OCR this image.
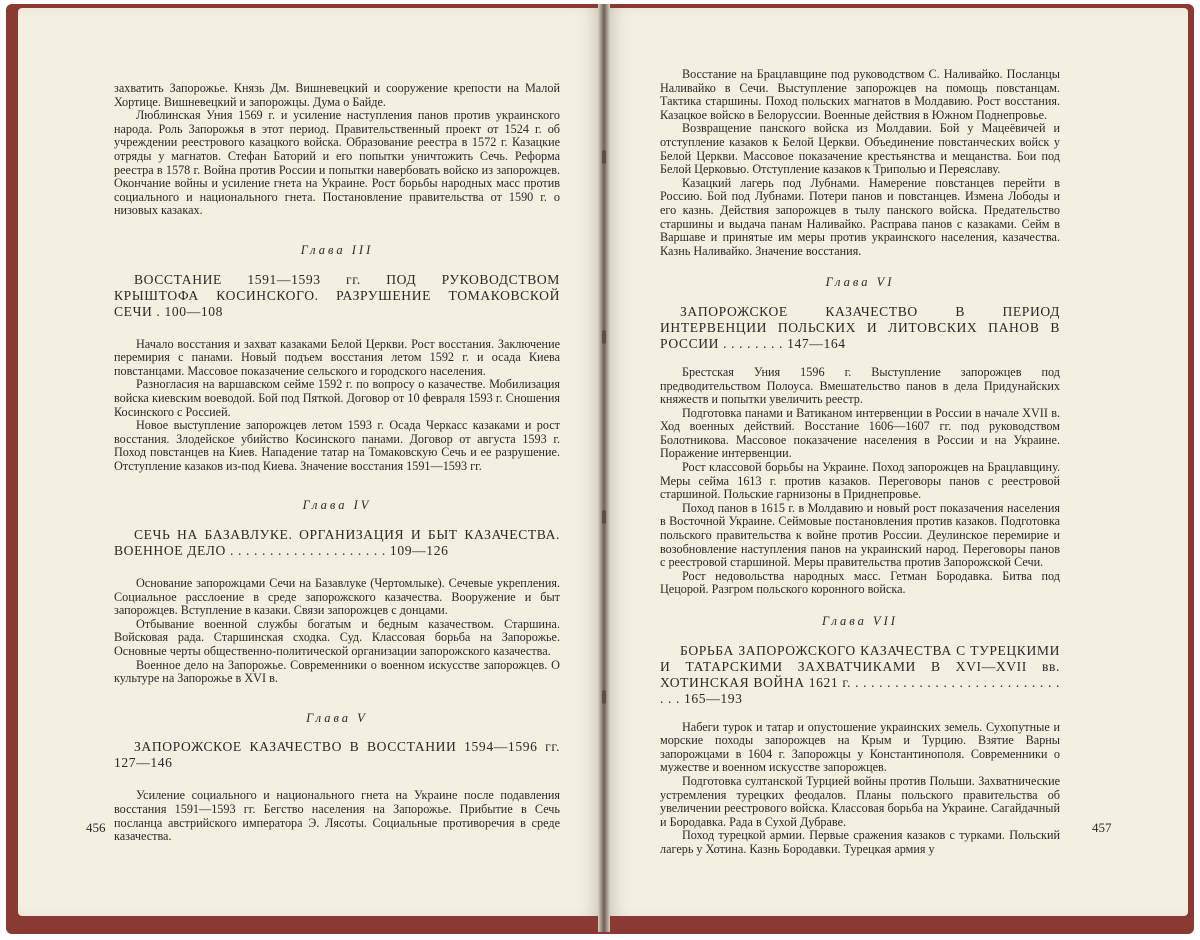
захватить Запорожье. Князь Дм. Вишневецкий и сооружение крепости на Малой Хортице. Вишневецкий и запорожцы. Дума о Байде.

Люблинская Уния 1569 г. и усиление наступления панов против украинского народа. Роль Запорожья в этот период. Правительственный проект от 1524 г. об учреждении реестрового казацкого войска. Образование реестра в 1572 г. Казацкие отряды у магнатов. Стефан Баторий и его попытки уничтожить Сечь. Реформа реестра в 1578 г. Война против России и попытки навербовать войско из запорожцев. Окончание войны и усиление гнета на Украине. Рост борьбы народных масс против социального и национального гнета. Постановление правительства от 1590 г. о низовых казаках.

Глава III

ВОССТАНИЕ 1591—1593 гг. ПОД РУКОВОДСТВОМ КРЫШТОФА КОСИНСКОГО. РАЗРУШЕНИЕ ТОМАКОВСКОЙ СЕЧИ . 100—108

Начало восстания и захват казаками Белой Церкви. Рост восстания. Заключение перемирия с панами. Новый подъем восстания летом 1592 г. и осада Киева повстанцами. Массовое показачение сельского и городского населения.

Разногласия на варшавском сейме 1592 г. по вопросу о казачестве. Мобилизация войска киевским воеводой. Бой под Пяткой. Договор от 10 февраля 1593 г. Сношения Косинского с Россией.

Новое выступление запорожцев летом 1593 г. Осада Черкасс казаками и рост восстания. Злодейское убийство Косинского панами. Договор от августа 1593 г. Поход повстанцев на Киев. Нападение татар на Томаковскую Сечь и ее разрушение. Отступление казаков из-под Киева. Значение восстания 1591—1593 гг.

Глава IV

СЕЧЬ НА БАЗАВЛУКЕ. ОРГАНИЗАЦИЯ И БЫТ КАЗАЧЕСТВА. ВОЕННОЕ ДЕЛО . . . . . . . . . . . . . . . . . . . . 109—126

Основание запорожцами Сечи на Базавлуке (Чертомлыке). Сечевые укрепления. Социальное расслоение в среде запорожского казачества. Вооружение и быт запорожцев. Вступление в казаки. Связи запорожцев с донцами.

Отбывание военной службы богатым и бедным казачеством. Старшина. Войсковая рада. Старшинская сходка. Суд. Классовая борьба на Запорожье. Основные черты общественно-политической организации запорожского казачества.

Военное дело на Запорожье. Современники о военном искусстве запорожцев. О культуре на Запорожье в XVI в.

Глава V

ЗАПОРОЖСКОЕ КАЗАЧЕСТВО В ВОССТАНИИ 1594—1596 гг. 127—146

Усиление социального и национального гнета на Украине после подавления восстания 1591—1593 гг. Бегство населения на Запорожье. Прибытие в Сечь посланца австрийского императора Э. Лясоты. Социальные противоречия в среде казачества.

456

Восстание на Брацлавщине под руководством С. Наливайко. Посланцы Наливайко в Сечи. Выступление запорожцев на помощь повстанцам. Тактика старшины. Поход польских магнатов в Молдавию. Рост восстания. Казацкое войско в Белоруссии. Военные действия в Южном Поднепровье.

Возвращение панского войска из Молдавии. Бой у Мацеёвичей и отступление казаков к Белой Церкви. Объединение повстанческих войск у Белой Церкви. Массовое показачение крестьянства и мещанства. Бои под Белой Церковью. Отступление казаков к Триполью и Переяславу.

Казацкий лагерь под Лубнами. Намерение повстанцев перейти в Россию. Бой под Лубнами. Потери панов и повстанцев. Измена Лободы и его казнь. Действия запорожцев в тылу панского войска. Предательство старшины и выдача панам Наливайко. Расправа панов с казаками. Сейм в Варшаве и принятые им меры против украинского населения, казачества. Казнь Наливайко. Значение восстания.

Глава VI

ЗАПОРОЖСКОЕ КАЗАЧЕСТВО В ПЕРИОД ИНТЕРВЕНЦИИ ПОЛЬСКИХ И ЛИТОВСКИХ ПАНОВ В РОССИИ . . . . . . . . 147—164

Брестская Уния 1596 г. Выступление запорожцев под предводительством Полоуса. Вмешательство панов в дела Придунайских княжеств и попытки увеличить реестр.

Подготовка панами и Ватиканом интервенции в России в начале XVII в. Ход военных действий. Восстание 1606—1607 гг. под руководством Болотникова. Массовое показачение населения в России и на Украине. Поражение интервенции.

Рост классовой борьбы на Украине. Поход запорожцев на Брацлавщину. Меры сейма 1613 г. против казаков. Переговоры панов с реестровой старшиной. Польские гарнизоны в Приднепровье.

Поход панов в 1615 г. в Молдавию и новый рост показачения населения в Восточной Украине. Сеймовые постановления против казаков. Подготовка польского правительства к войне против России. Деулинское перемирие и возобновление наступления панов на украинский народ. Переговоры панов с реестровой старшиной. Меры правительства против Запорожской Сечи.

Рост недовольства народных масс. Гетман Бородавка. Битва под Цецорой. Разгром польского коронного войска.

Глава VII

БОРЬБА ЗАПОРОЖСКОГО КАЗАЧЕСТВА С ТУРЕЦКИМИ И ТАТАРСКИМИ ЗАХВАТЧИКАМИ В XVI—XVII вв. ХОТИНСКАЯ ВОЙНА 1621 г. . . . . . . . . . . . . . . . . . . . . . . . . . . . . . 165—193

Набеги турок и татар и опустошение украинских земель. Сухопутные и морские походы запорожцев на Крым и Турцию. Взятие Варны запорожцами в 1604 г. Запорожцы у Константинополя. Современники о мужестве и военном искусстве запорожцев.

Подготовка султанской Турцией войны против Польши. Захватнические устремления турецких феодалов. Планы польского правительства об увеличении реестрового войска. Классовая борьба на Украине. Сагайдачный и Бородавка. Рада в Сухой Дубраве.

Поход турецкой армии. Первые сражения казаков с турками. Польский лагерь у Хотина. Казнь Бородавки. Турецкая армия у

457
